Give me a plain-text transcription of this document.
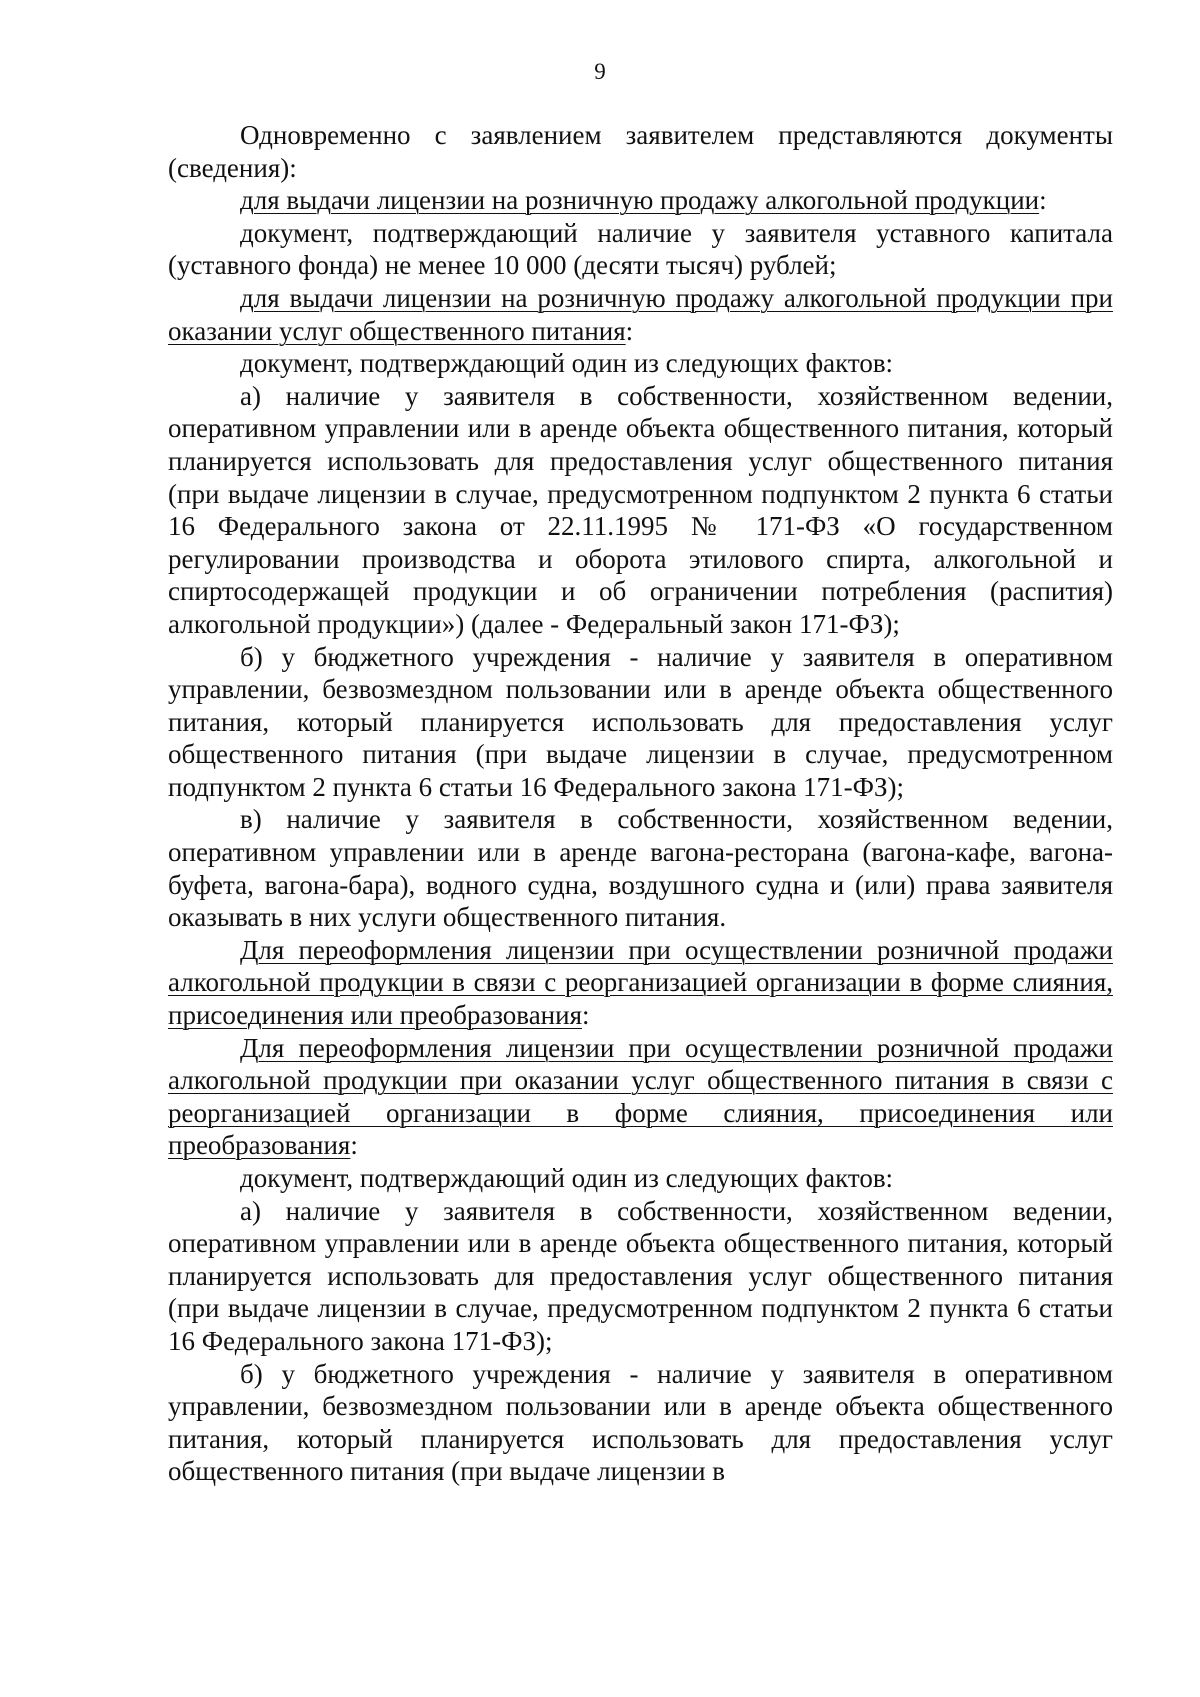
9

Одновременно с заявлением заявителем представляются документы (сведения):

для выдачи лицензии на розничную продажу алкогольной продукции:

документ, подтверждающий наличие у заявителя уставного капитала (уставного фонда) не менее 10 000 (десяти тысяч) рублей;

для выдачи лицензии на розничную продажу алкогольной продукции при оказании услуг общественного питания:

документ, подтверждающий один из следующих фактов:

а) наличие у заявителя в собственности, хозяйственном ведении, оперативном управлении или в аренде объекта общественного питания, который планируется использовать для предоставления услуг общественного питания (при выдаче лицензии в случае, предусмотренном подпунктом 2 пункта 6 статьи 16 Федерального закона от 22.11.1995 № 171-ФЗ «О государственном регулировании производства и оборота этилового спирта, алкогольной и спиртосодержащей продукции и об ограничении потребления (распития) алкогольной продукции») (далее - Федеральный закон 171-ФЗ);

б) у бюджетного учреждения - наличие у заявителя в оперативном управлении, безвозмездном пользовании или в аренде объекта общественного питания, который планируется использовать для предоставления услуг общественного питания (при выдаче лицензии в случае, предусмотренном подпунктом 2 пункта 6 статьи 16 Федерального закона 171-ФЗ);

в) наличие у заявителя в собственности, хозяйственном ведении, оперативном управлении или в аренде вагона-ресторана (вагона-кафе, вагона-буфета, вагона-бара), водного судна, воздушного судна и (или) права заявителя оказывать в них услуги общественного питания.

Для переоформления лицензии при осуществлении розничной продажи алкогольной продукции в связи с реорганизацией организации в форме слияния, присоединения или преобразования:

Для переоформления лицензии при осуществлении розничной продажи алкогольной продукции при оказании услуг общественного питания в связи с реорганизацией организации в форме слияния, присоединения или преобразования:

документ, подтверждающий один из следующих фактов:

а) наличие у заявителя в собственности, хозяйственном ведении, оперативном управлении или в аренде объекта общественного питания, который планируется использовать для предоставления услуг общественного питания (при выдаче лицензии в случае, предусмотренном подпунктом 2 пункта 6 статьи 16 Федерального закона 171-ФЗ);

б) у бюджетного учреждения - наличие у заявителя в оперативном управлении, безвозмездном пользовании или в аренде объекта общественного питания, который планируется использовать для предоставления услуг общественного питания (при выдаче лицензии в
